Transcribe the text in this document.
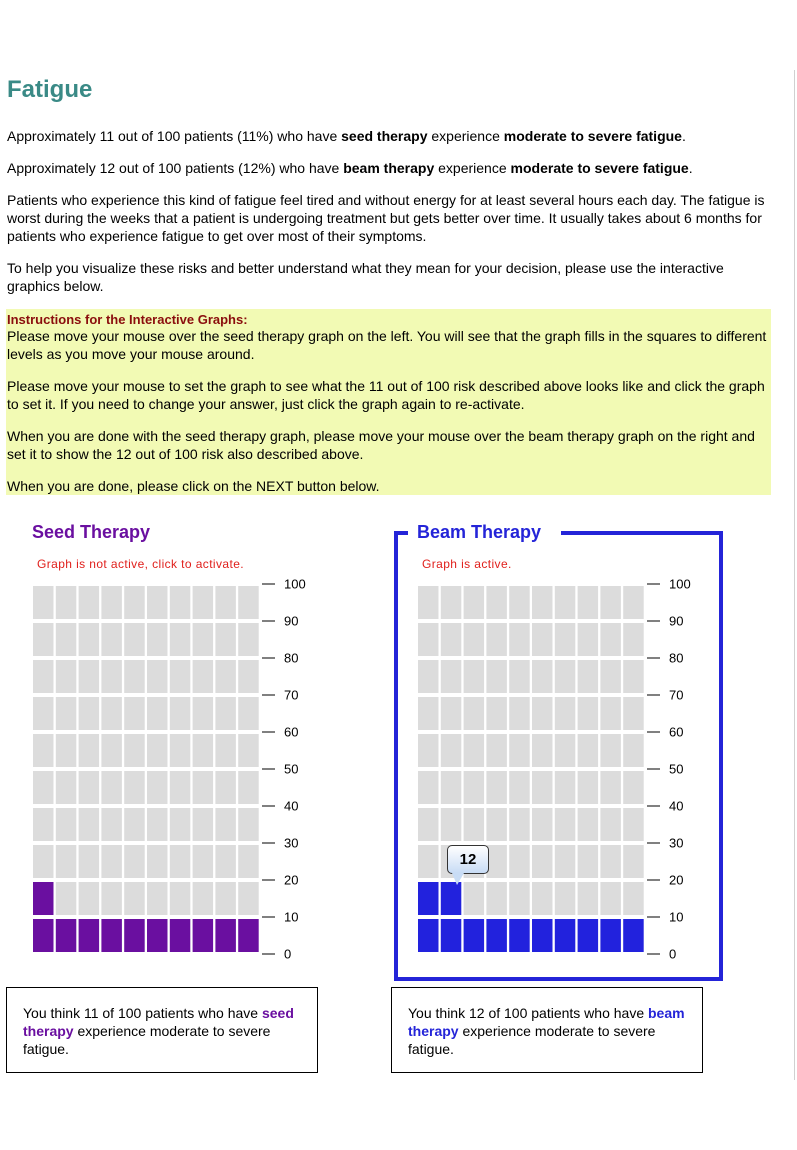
Fatigue

Approximately 11 out of 100 patients (11%) who have seed therapy experience moderate to severe fatigue.

Approximately 12 out of 100 patients (12%) who have beam therapy experience moderate to severe fatigue.

Patients who experience this kind of fatigue feel tired and without energy for at least several hours each day. The fatigue is worst during the weeks that a patient is undergoing treatment but gets better over time. It usually takes about 6 months for patients who experience fatigue to get over most of their symptoms.

To help you visualize these risks and better understand what they mean for your decision, please use the interactive graphics below.

Instructions for the Interactive Graphs:

Please move your mouse over the seed therapy graph on the left. You will see that the graph fills in the squares to different levels as you move your mouse around.

Please move your mouse to set the graph to see what the 11 out of 100 risk described above looks like and click the graph to set it. If you need to change your answer, just click the graph again to re-activate.

When you are done with the seed therapy graph, please move your mouse over the beam therapy graph on the right and set it to show the 12 out of 100 risk also described above.

When you are done, please click on the NEXT button below.

Seed Therapy
Graph is not active, click to activate.
100
90
80
70
60
50
40
30
20
10
0
Beam Therapy
Graph is active.
100
90
80
70
60
50
40
30
20
10
0
12

You think 11 of 100 patients who have seed therapy experience moderate to severe fatigue.

You think 12 of 100 patients who have beam therapy experience moderate to severe fatigue.
